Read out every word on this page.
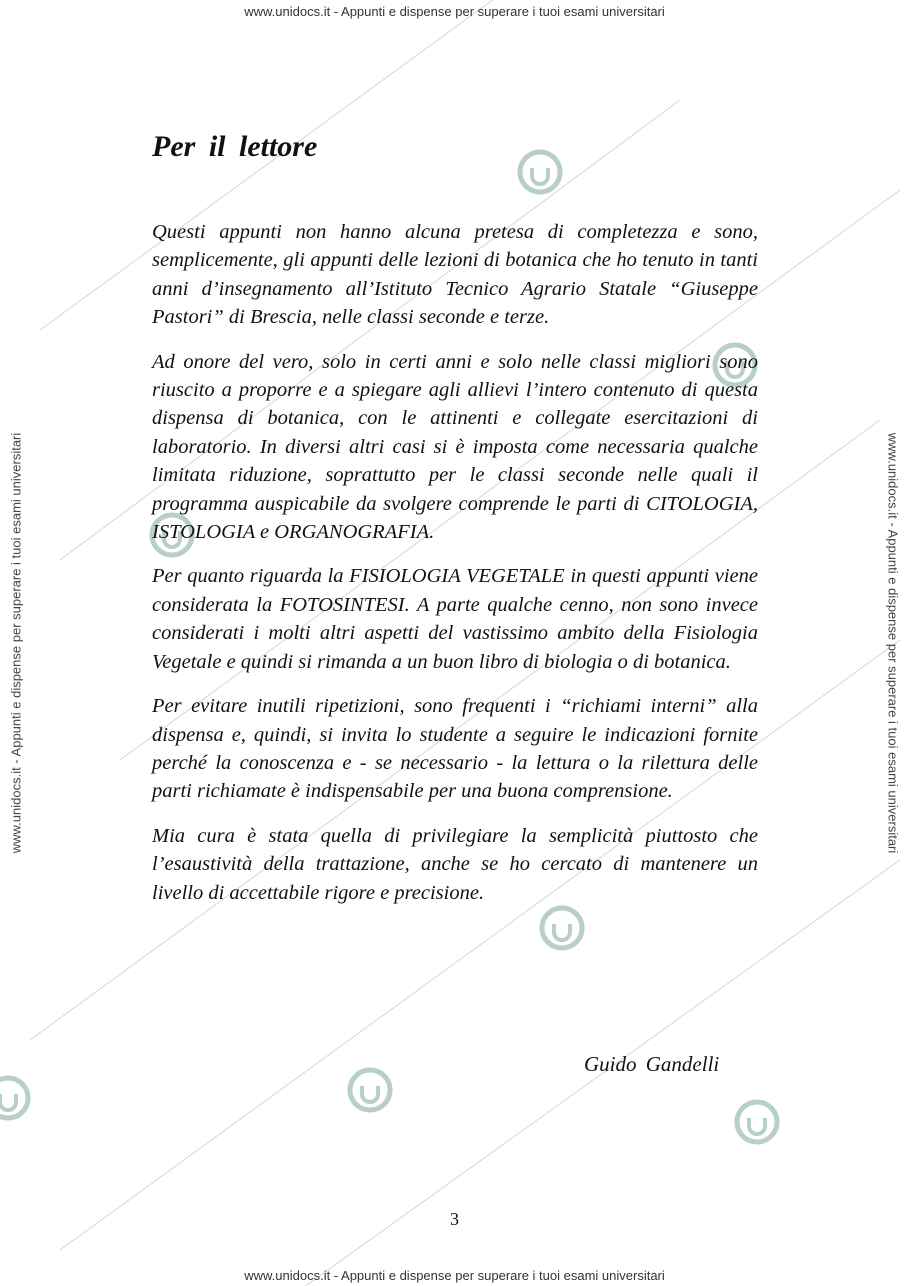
www.unidocs.it - Appunti e dispense per superare i tuoi esami universitari
www.unidocs.it - Appunti e dispense per superare i tuoi esami universitari	www.unidocs.it - Appunti e dispense per superare i tuoi esami universitari
Per il lettore

Questi appunti non hanno alcuna pretesa di completezza e sono, semplicemente, gli appunti delle lezioni di botanica che ho tenuto in tanti anni d’insegnamento all’Istituto Tecnico Agrario Statale “Giuseppe Pastori” di Brescia, nelle classi seconde e terze.

Ad onore del vero, solo in certi anni e solo nelle classi migliori sono riuscito a proporre e a spiegare agli allievi l’intero contenuto di questa dispensa di botanica, con le attinenti e collegate esercitazioni di laboratorio. In diversi altri casi si è imposta come necessaria qualche limitata riduzione, soprattutto per le classi seconde nelle quali il programma auspicabile da svolgere comprende le parti di CITOLOGIA, ISTOLOGIA e ORGANOGRAFIA.

Per quanto riguarda la FISIOLOGIA VEGETALE in questi appunti viene considerata la FOTOSINTESI. A parte qualche cenno, non sono invece considerati i molti altri aspetti del vastissimo ambito della Fisiologia Vegetale e quindi si rimanda a un buon libro di biologia o di botanica.

Per evitare inutili ripetizioni, sono frequenti i “richiami interni” alla dispensa e, quindi, si invita lo studente a seguire le indicazioni fornite perché la conoscenza e - se necessario - la lettura o la rilettura delle parti richiamate è indispensabile per una buona comprensione.

Mia cura è stata quella di privilegiare la semplicità piuttosto che l’esaustività della trattazione, anche se ho cercato di mantenere un livello di accettabile rigore e precisione.

Guido Gandelli
3
www.unidocs.it - Appunti e dispense per superare i tuoi esami universitari
